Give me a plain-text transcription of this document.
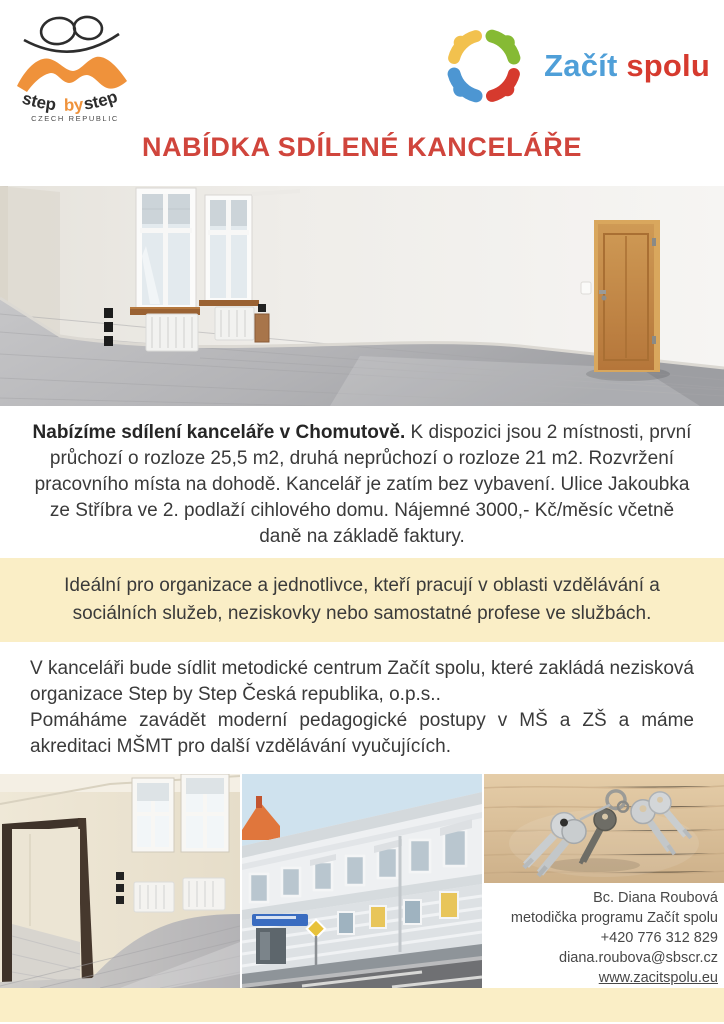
step by step
CZECH REPUBLIC
Začít spolu
NABÍDKA SDÍLENÉ KANCELÁŘE

Nabízíme sdílení kanceláře v Chomutově. K dispozici jsou 2 místnosti, první průchozí o rozloze 25,5 m2, druhá neprůchozí o rozloze 21 m2. Rozvržení pracovního místa na dohodě. Kancelář je zatím bez vybavení. Ulice Jakoubka ze Stříbra ve 2. podlaží cihlového domu. Nájemné 3000,- Kč/měsíc včetně daně na základě faktury.

Ideální pro organizace a jednotlivce, kteří pracují v oblasti vzdělávání a sociálních služeb, neziskovky nebo samostatné profese ve službách.

V kanceláři bude sídlit metodické centrum Začít spolu, které zakládá nezisková organizace Step by Step Česká republika, o.p.s..

Pomáháme zavádět moderní pedagogické postupy v MŠ a ZŠ a máme akreditaci MŠMT pro další vzdělávání vyučujících.

Bc. Diana Roubová
metodička programu Začít spolu
+420 776 312 829
diana.roubova@sbscr.cz
www.zacitspolu.eu
